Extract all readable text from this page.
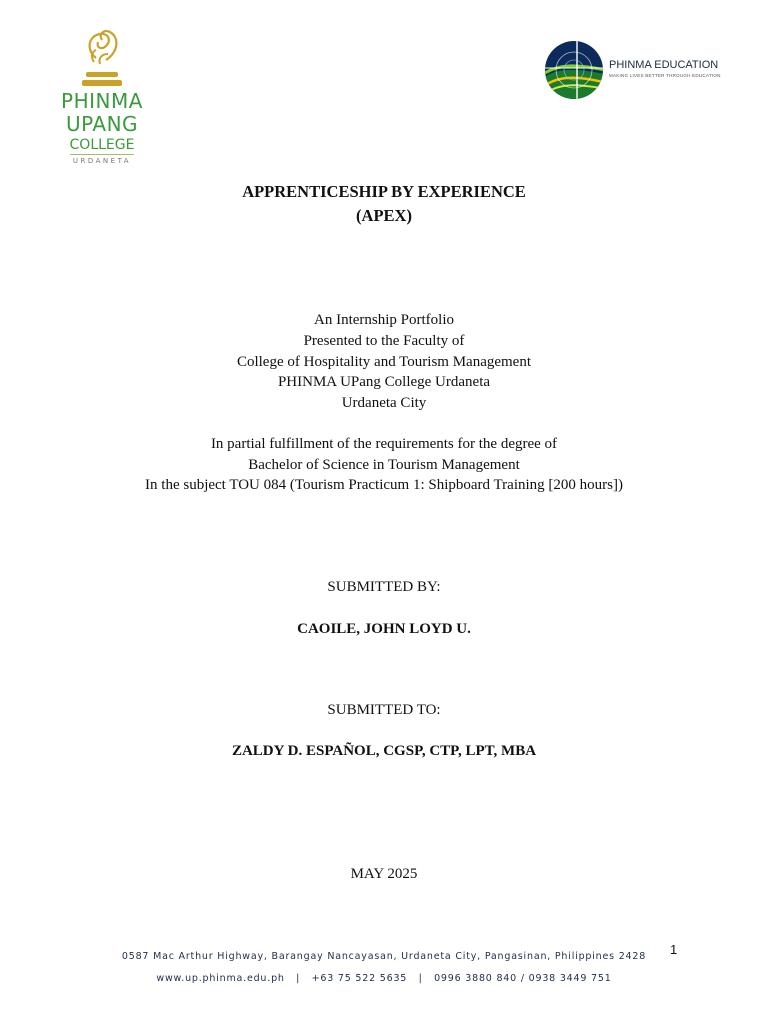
PHINMA
UPANG
COLLEGE
URDANETA
PHINMA EDUCATION
MAKING LIVES BETTER THROUGH EDUCATION
APPRENTICESHIP BY EXPERIENCE
(APEX)
An Internship Portfolio
Presented to the Faculty of
College of Hospitality and Tourism Management
PHINMA UPang College Urdaneta
Urdaneta City
In partial fulfillment of the requirements for the degree of
Bachelor of Science in Tourism Management
In the subject TOU 084 (Tourism Practicum 1: Shipboard Training [200 hours])
SUBMITTED BY:
CAOILE, JOHN LOYD U.
SUBMITTED TO:
ZALDY D. ESPAÑOL, CGSP, CTP, LPT, MBA
MAY 2025
0587 Mac Arthur Highway, Barangay Nancayasan, Urdaneta City, Pangasinan, Philippines 2428
www.up.phinma.edu.ph   |   +63 75 522 5635   |   0996 3880 840 / 0938 3449 751
1
